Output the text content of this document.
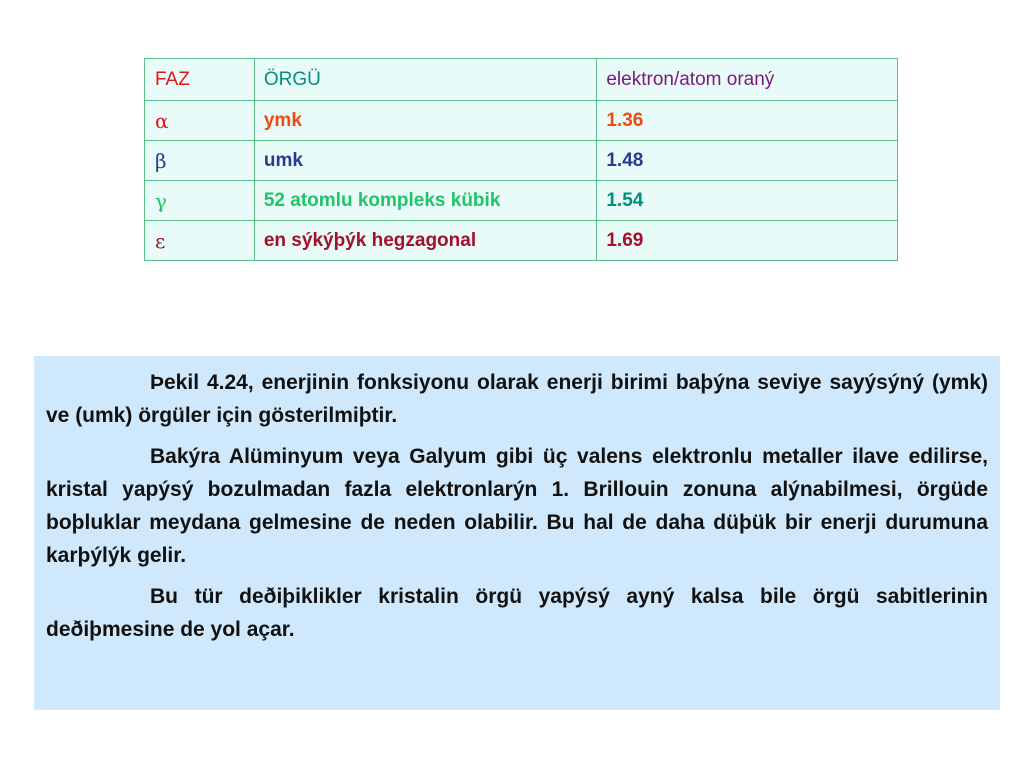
FAZ	ÖRGÜ	elektron/atom oraný
α	ymk	1.36
β	umk	1.48
γ	52 atomlu kompleks kübik	1.54
ε	en sýkýþýk hegzagonal	1.69

Þekil 4.24, enerjinin fonksiyonu olarak enerji birimi baþýna seviye sayýsýný (ymk) ve (umk) örgüler için gösterilmiþtir.

Bakýra Alüminyum veya Galyum gibi üç valens elektronlu metaller ilave edilirse, kristal yapýsý bozulmadan fazla elektronlarýn 1. Brillouin zonuna alýnabilmesi, örgüde boþluklar meydana gelmesine de neden olabilir. Bu hal de daha düþük bir enerji durumuna karþýlýk gelir.

Bu tür deðiþiklikler kristalin örgü yapýsý ayný kalsa bile örgü sabitlerinin deðiþmesine de yol açar.
